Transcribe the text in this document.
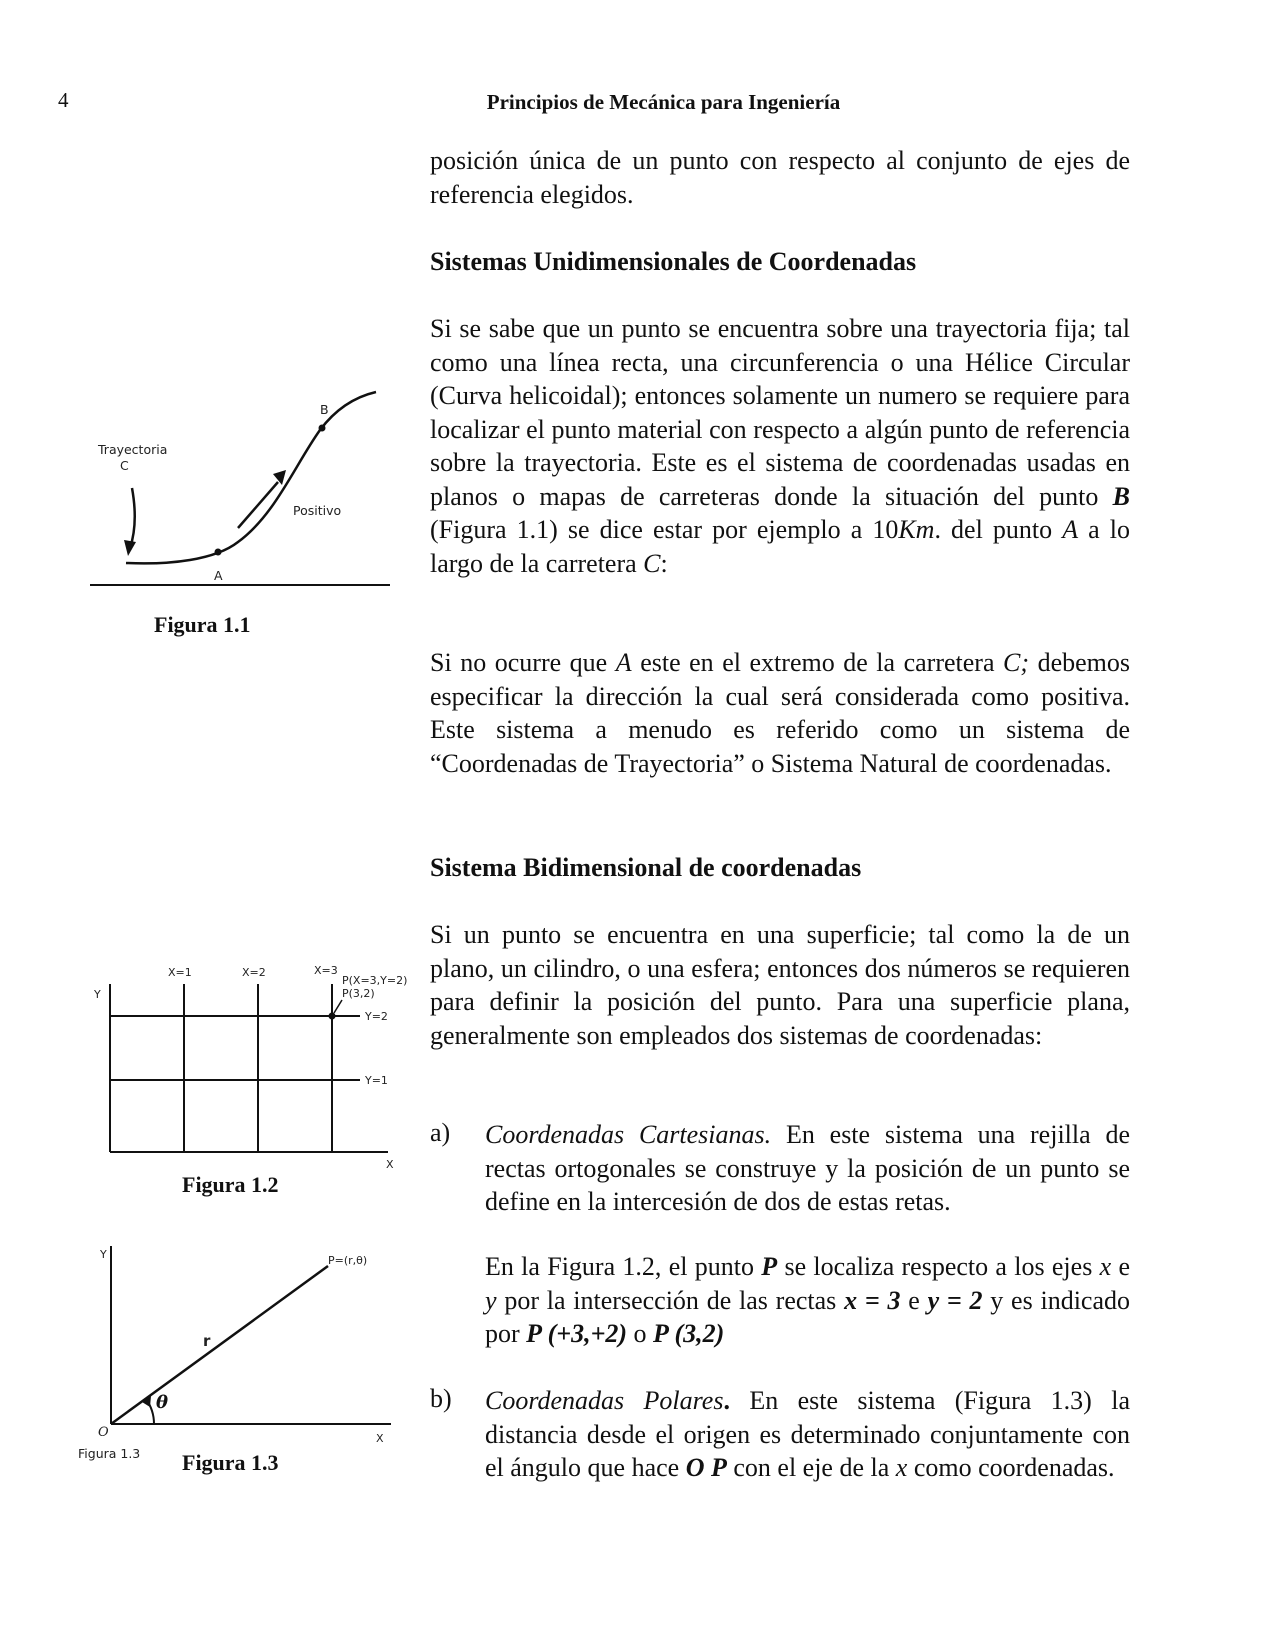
4	Principios de Mecánica para Ingeniería

posición única de un punto con respecto al conjunto de ejes de referencia elegidos.

Sistemas Unidimensionales de Coordenadas

Si se sabe que un punto se encuentra sobre una trayectoria fija; tal como una línea recta, una circunferencia o una Hélice Circular (Curva helicoidal); entonces solamente un numero se requiere para localizar el punto material con respecto a algún punto de referencia sobre la trayectoria. Este es el sistema de coordenadas usadas en planos o mapas de carreteras donde la situación del punto B (Figura 1.1) se dice estar por ejemplo a 10Km. del punto A a lo largo de la carretera C:

Si no ocurre que A este en el extremo de la carretera C; debemos especificar la dirección la cual será considerada como positiva. Este sistema a menudo es referido como un sistema de “Coordenadas de Trayectoria” o Sistema Natural de coordenadas.

Sistema Bidimensional de coordenadas

Si un punto se encuentra en una superficie; tal como la de un plano, un cilindro, o una esfera; entonces dos números se requieren para definir la posición del punto. Para una superficie plana, generalmente son empleados dos sistemas de coordenadas:

a) Coordenadas Cartesianas. En este sistema una rejilla de rectas ortogonales se construye y la posición de un punto se define en la intercesión de dos de estas retas.

En la Figura 1.2, el punto P se localiza respecto a los ejes x e y por la intersección de las rectas x = 3 e y = 2 y es indicado por P (+3,+2) o P (3,2)

b) Coordenadas Polares. En este sistema (Figura 1.3) la distancia desde el origen es determinado conjuntamente con el ángulo que hace O P con el eje de la x como coordenadas.

Trayectoria
C
A
B
Positivo
Figura 1.1
Y
X
X=1	X=2	X=3
Y=1
Y=2
P(X=3,Y=2)
P(3,2)
Figura 1.2
Y
X
O
r
θ
P=(r,θ)
Figura 1.3 Figura 1.3
